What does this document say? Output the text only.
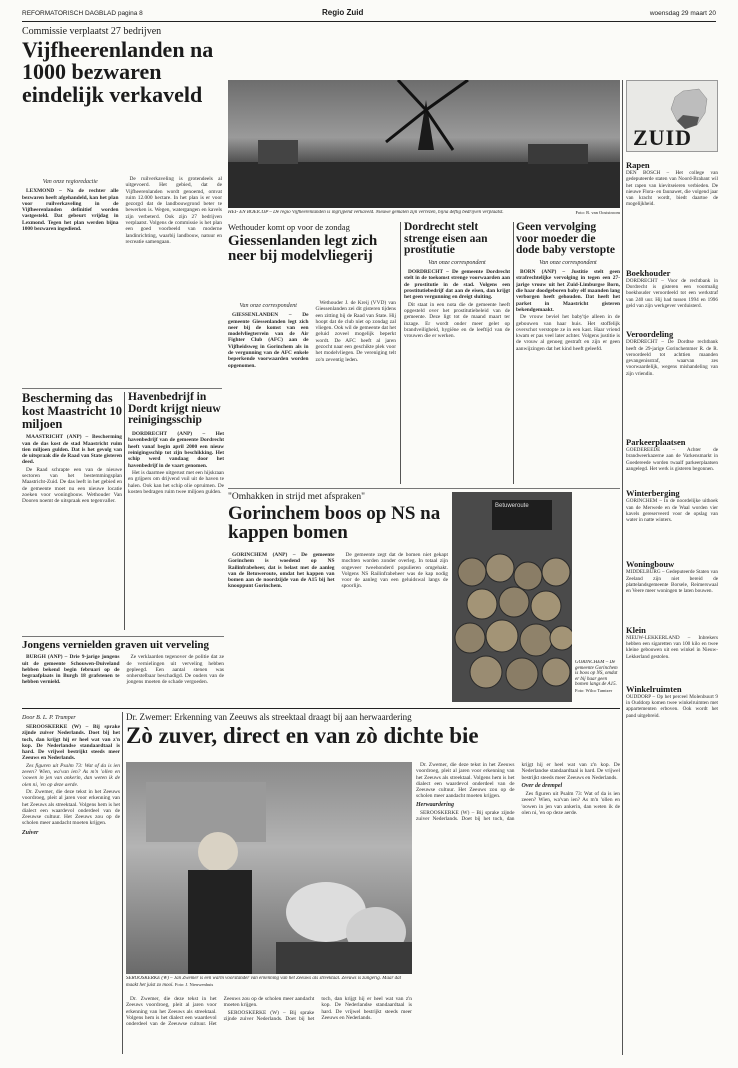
REFORMATORISCH DAGBLAD pagina 8	Regio Zuid	woensdag 29 maart 20
Commissie verplaatst 27 bedrijven
Vijfheerenlanden na 1000 bezwaren eindelijk verkaveld
Van onze regioredactie

LEXMOND – Na de rechter alle bezwaren heeft afgehandeld, kan het plan voor ruilverkaveling in de Vijfheerenlanden definitief worden vastgesteld. Dat gebeurt vrijdag in Lexmond. Tegen het plan werden bijna 1000 bezwaren ingediend.

De ruilverkaveling is grotendeels al uitgevoerd. Het gebied, dat de Vijfheerenlanden wordt genoemd, omvat ruim 12.000 hectare. In het plan is er voor gezorgd dat de landbouwgrond beter te bewerken is. Wegen, watergangen en kavels zijn verbeterd. Ook zijn 27 bedrijven verplaatst. Volgens de commissie is het plan een goed voorbeeld van moderne landinrichting, waarbij landbouw, natuur en recreatie samengaan.

HEI- EN BOEICOP – De regio Vijfheerenlanden is ingrijpend verkaveld. Nieuwe gemalen zijn verrezen, bijna deftig bedrijven verplaatst.	Foto: R. van Ooststroom
ZUID
Rapen
DEN BOSCH – Het college van gedeputeerde staten van Noord-Brabant wil het rapen van kievitseieren verbieden. De nieuwe Flora- en faunawet, die volgend jaar van kracht wordt, biedt daartoe de mogelijkheid.
Boekhouder
DORDRECHT – Voor de rechtbank in Dordrecht is gisteren een voormalig boekhouder veroordeeld tot een werkstraf van 240 uur. Hij had tussen 1994 en 1996 geld van zijn werkgever verduisterd.
Veroordeling
DORDRECHT – De Dordtse rechtbank heeft de 29-jarige Gorinchemmer R. de R. veroordeeld tot achttien maanden gevangenisstraf, waarvan zes voorwaardelijk, wegens mishandeling van zijn vriendin.
Parkeerplaatsen
GOEDEREEDE – Achter de brandweerkazerne aan de Varkensmarkt in Goedereede worden twaalf parkeerplaatsen aangelegd. Het werk is gisteren begonnen.
Winterberging
GORINCHEM – In de noordelijke uithoek van de Merwede en de Waal worden vier kavels gereserveerd voor de opslag van water in natte winters.
Woningbouw
MIDDELBURG – Gedeputeerde Staten van Zeeland zijn niet bereid de plattelandsgemeente Borsele, Reimerswaal en Veere meer woningen te laten bouwen.
Klein
NIEUW-LEKKERLAND – Inbrekers hebben een sigaretten van 100 kilo en twee kleine gebouwen uit een winkel in Nieuw-Lekkerland gestolen.
Winkelruimten
OUDDORP – Op het perceel Molenbuurt 9 in Ouddorp komen twee winkelruimten met appartementen erboven. Ook wordt het pand uitgebreid.
Wethouder komt op voor de zondag
Giessenlanden legt zich neer bij modelvliegerij
Van onze correspondent

GIESSENLANDEN – De gemeente Giessenlanden legt zich neer bij de komst van een modelvliegterrein van de Air Fighter Club (AFC) aan de Vijfheidsweg in Gorinchem als in de vergunning van de AFC enkele beperkende voorwaarden worden opgenomen.

Wethouder J. de Kreij (VVD) van Giessenlanden zei dit gisteren tijdens een zitting bij de Raad van State. Hij hoopt dat de club niet op zondag zal vliegen. Ook wil de gemeente dat het geluid zoveel mogelijk beperkt wordt. De AFC heeft al jaren gezocht naar een geschikte plek voor het modelvliegen. De vereniging telt zo'n zeventig leden.

Dordrecht stelt strenge eisen aan prostitutie
Van onze correspondent

DORDRECHT – De gemeente Dordrecht stelt in de toekomst strenge voorwaarden aan de prostitutie in de stad. Volgens een prostitutiebedrijf dat aan de eisen, dan krijgt het geen vergunning en dreigt sluiting.

Dit staat in een nota die de gemeente heeft opgesteld over het prostitutiebeleid van de gemeente. Deze ligt tot de maand maart ter inzage. Er wordt onder meer gelet op brandveiligheid, hygiëne en de leeftijd van de vrouwen die er werken.

Geen vervolging voor moeder die dode baby verstopte
Van onze correspondent

BORN (ANP) – Justitie stelt geen strafrechtelijke vervolging in tegen een 27-jarige vrouw uit het Zuid-Limburgse Born, die haar doodgeboren baby elf maanden lang verborgen heeft gehouden. Dat heeft het parket in Maastricht gisteren bekendgemaakt.

De vrouw beviel het baby'tje alleen in de gebouwen van haar huis. Het stoffelijk overschot verstopte ze in een kast. Haar vriend kwam er pas veel later achter. Volgens justitie is de vrouw al genoeg gestraft en zijn er geen aanwijzingen dat het kind heeft geleefd.

Bescherming das kost Maastricht 10 miljoen

MAASTRICHT (ANP) – Bescherming van de das kost de stad Maastricht ruim tien miljoen gulden. Dat is het gevolg van de uitspraak die de Raad van State gisteren deed.

De Raad schrapte een van de nieuwe sectoren van het bestemmingsplan Maastricht-Zuid. De das leeft in het gebied en de gemeente moet nu een nieuwe locatie zoeken voor woningbouw. Wethouder Van Dooren noemt de uitspraak een tegenvaller.

Havenbedrijf in Dordt krijgt nieuw reinigingsschip

DORDRECHT (ANP) – Het havenbedrijf van de gemeente Dordrecht heeft vanaf begin april 2000 een nieuw reinigingsschip tot zijn beschikking. Het schip werd vandaag door het havenbedrijf in de vaart genomen.

Het is daarmee uitgerust met een hijskraan en grijpers om drijvend vuil uit de haven te halen. Ook kan het schip olie opruimen. De kosten bedragen ruim twee miljoen gulden.

"Omhakken in strijd met afspraken"
Gorinchem boos op NS na kappen bomen

GORINCHEM (ANP) – De gemeente Gorinchem is woedend op NS Railinfrabeheer, dat is belast met de aanleg van de Betuweroute, omdat het kappen van bomen aan de noordzijde van de A15 bij het knooppunt Gorinchem.

De gemeente zegt dat de bomen niet gekapt mochten worden zonder overleg. In totaal zijn ongeveer tweehonderd populieren omgehakt. Volgens NS Railinfrabeheer was de kap nodig voor de aanleg van een geluidswal langs de spoorlijn.

Betuweroute
GORINCHEM – De gemeente Gorinchem is boos op NS, omdat er bij haar geen bomen langs de A15.
Foto: Wilco Tamtzer
Jongens vernielden graven uit verveling

BURGH (ANP) – Drie 9-jarige jongens uit de gemeente Schouwen-Duiveland hebben bekend begin februari op de begraafplaats in Burgh 18 grafstenen te hebben vernield.

Ze verklaarden tegenover de politie dat ze de vernielingen uit verveling hebben gepleegd. Een aantal stenen was onherstelbaar beschadigd. De ouders van de jongens moeten de schade vergoeden.

Door B. L. P. Trumper

SEROOSKERKE (W) – Bij sprake zijnde zuiver Nederlands. Doet bij het toch, dan krijgt hij er heel wat van z'n kop. De Nederlandse standaardtaal is hard. De vrijwel bestrijkt steeds meer Zeeuws en Nederlands.

Zes figuren uit Psalm 73: Wat of da is ien zeeen? Wien, wa'van ien? As m'n 'ollen en 'oowen in jen van ankerin, dan weten ik de olen ni, 'en op deze aerde.

Dr. Zwemer, die deze tekst in het Zeeuws voordroeg, pleit al jaren voor erkenning van het Zeeuws als streektaal. Volgens hem is het dialect een waardevol onderdeel van de Zeeuwse cultuur. Het Zeeuws zou op de scholen meer aandacht moeten krijgen.

Zuiver
Dr. Zwemer: Erkenning van Zeeuws als streektaal draagt bij aan herwaardering
Zò zuver, direct en van zò dichte bie
SEROOSKERKE (W) – Jan Zwemer is een warm voorstander van erkenning van het Zeeuws als streektaal. Zeeuws is zungerig. Maar dat maakt het juist zo mooi. Foto: J. Nieuwenhuis

Dr. Zwemer, die deze tekst in het Zeeuws voordroeg, pleit al jaren voor erkenning van het Zeeuws als streektaal. Volgens hem is het dialect een waardevol onderdeel van de Zeeuwse cultuur. Het Zeeuws zou op de scholen meer aandacht moeten krijgen.

SEROOSKERKE (W) – Bij sprake zijnde zuiver Nederlands. Doet bij het toch, dan krijgt hij er heel wat van z'n kop. De Nederlandse standaardtaal is hard. De vrijwel bestrijkt steeds meer Zeeuws en Nederlands.

Dr. Zwemer, die deze tekst in het Zeeuws voordroeg, pleit al jaren voor erkenning van het Zeeuws als streektaal. Volgens hem is het dialect een waardevol onderdeel van de Zeeuwse cultuur. Het Zeeuws zou op de scholen meer aandacht moeten krijgen.

Herwaardering

SEROOSKERKE (W) – Bij sprake zijnde zuiver Nederlands. Doet bij het toch, dan krijgt hij er heel wat van z'n kop. De Nederlandse standaardtaal is hard. De vrijwel bestrijkt steeds meer Zeeuws en Nederlands.

Over de drempel

Zes figuren uit Psalm 73: Wat of da is ien zeeen? Wien, wa'van ien? As m'n 'ollen en 'oowen in jen van ankerin, dan weten ik de olen ni, 'en op deze aerde.
